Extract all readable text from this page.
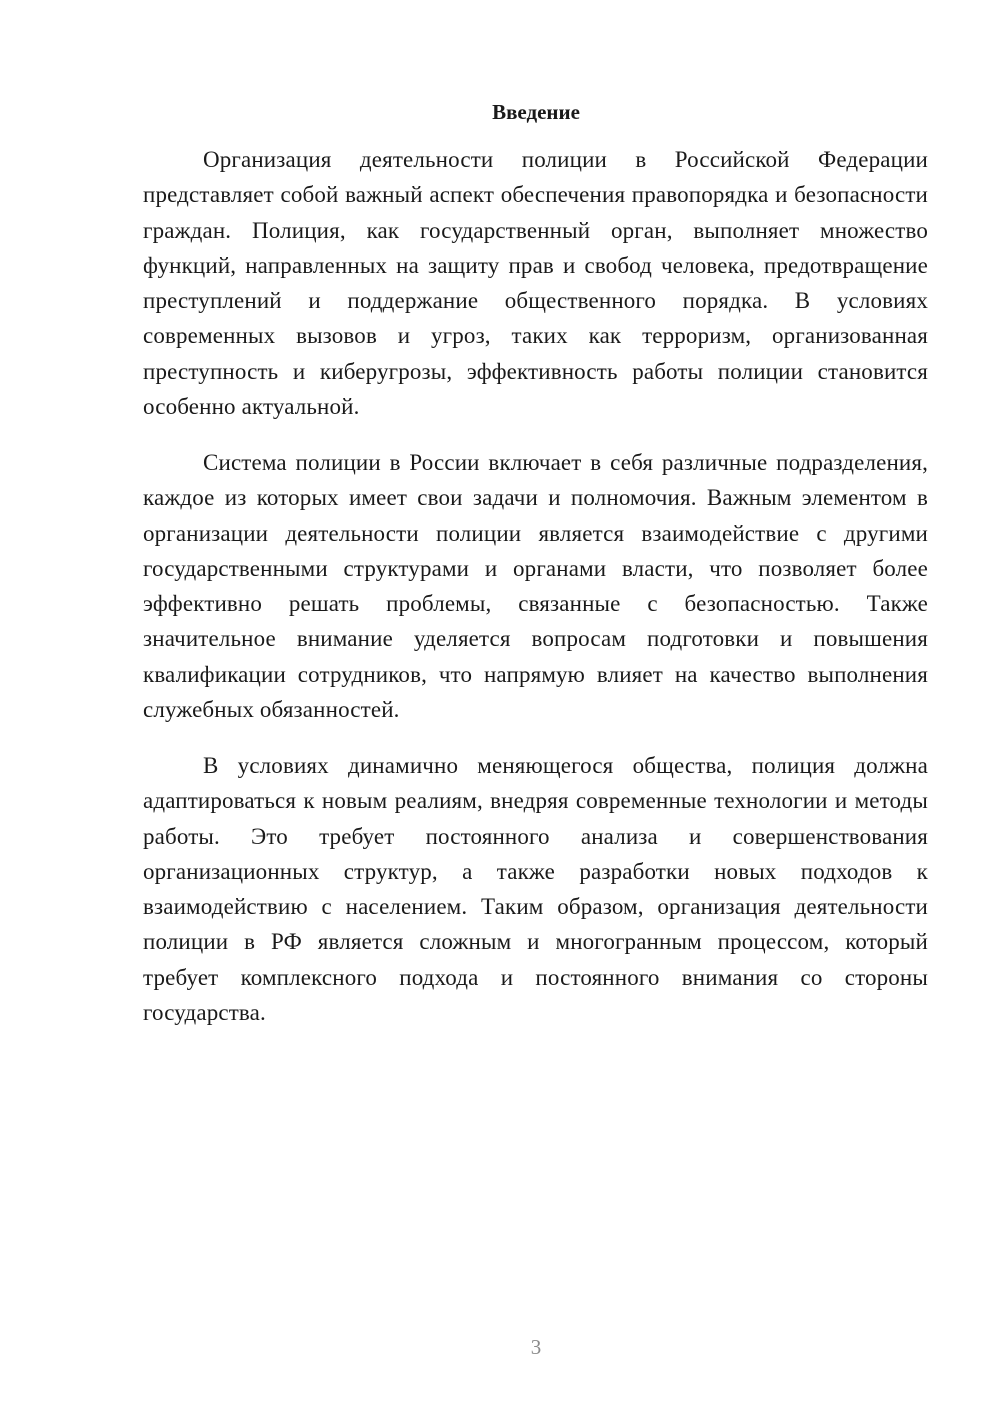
Введение

Организация деятельности полиции в Российской Федерации представляет собой важный аспект обеспечения правопорядка и безопасности граждан. Полиция, как государственный орган, выполняет множество функций, направленных на защиту прав и свобод человека, предотвращение преступлений и поддержание общественного порядка. В условиях современных вызовов и угроз, таких как терроризм, организованная преступность и киберугрозы, эффективность работы полиции становится особенно актуальной.

Система полиции в России включает в себя различные подразделения, каждое из которых имеет свои задачи и полномочия. Важным элементом в организации деятельности полиции является взаимодействие с другими государственными структурами и органами власти, что позволяет более эффективно решать проблемы, связанные с безопасностью. Также значительное внимание уделяется вопросам подготовки и повышения квалификации сотрудников, что напрямую влияет на качество выполнения служебных обязанностей.

В условиях динамично меняющегося общества, полиция должна адаптироваться к новым реалиям, внедряя современные технологии и методы работы. Это требует постоянного анализа и совершенствования организационных структур, а также разработки новых подходов к взаимодействию с населением. Таким образом, организация деятельности полиции в РФ является сложным и многогранным процессом, который требует комплексного подхода и постоянного внимания со стороны государства.

3
